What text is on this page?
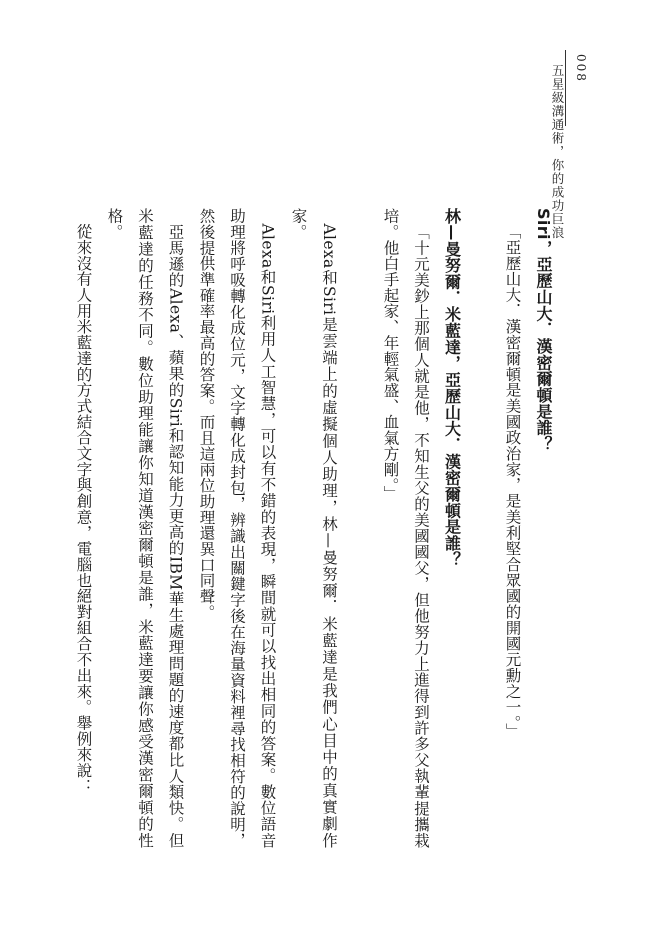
008
五星級溝通術，你的成功巨浪
Siri，亞歷山大．漢密爾頓是誰？

「亞歷山大．漢密爾頓是美國政治家，是美利堅合眾國的開國元勳之一。」

林—曼努爾．米藍達，亞歷山大．漢密爾頓是誰？

「十元美鈔上那個人就是他，不知生父的美國國父，但他努力上進得到許多父執輩提攜栽培。他白手起家、年輕氣盛、血氣方剛。」

Alexa和Siri是雲端上的虛擬個人助理，林—曼努爾．米藍達是我們心目中的真實劇作家。

Alexa和Siri利用人工智慧，可以有不錯的表現，瞬間就可以找出相同的答案。數位語音助理將呼吸轉化成位元，文字轉化成封包，辨識出關鍵字後在海量資料裡尋找相符的說明，然後提供準確率最高的答案。而且這兩位助理還異口同聲。

亞馬遜的Alexa、蘋果的Siri和認知能力更高的IBM華生處理問題的速度都比人類快。但米藍達的任務不同。數位助理能讓你知道漢密爾頓是誰，米藍達要讓你感受漢密爾頓的性格。

從來沒有人用米藍達的方式結合文字與創意，電腦也絕對組合不出來。舉例來說：
